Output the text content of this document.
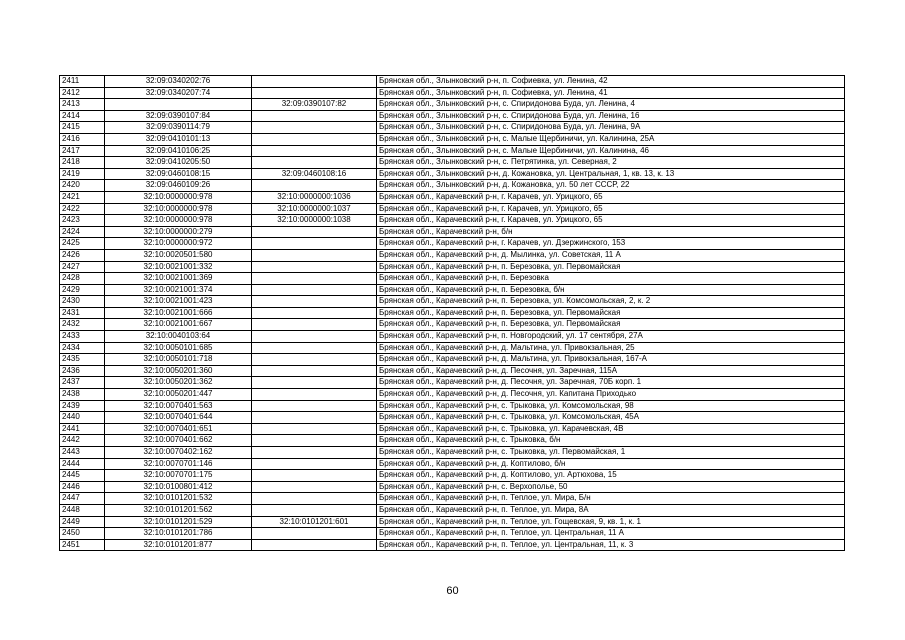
2411	32:09:0340202:76		Брянская обл., Злынковский р-н, п. Софиевка, ул. Ленина, 42
2412	32:09:0340207:74		Брянская обл., Злынковский р-н, п. Софиевка, ул. Ленина, 41
2413		32:09:0390107:82	Брянская обл., Злынковский р-н, с. Спиридонова Буда, ул. Ленина, 4
2414	32:09:0390107:84		Брянская обл., Злынковский р-н, с. Спиридонова Буда, ул. Ленина, 16
2415	32:09:0390114:79		Брянская обл., Злынковский р-н, с. Спиридонова Буда, ул. Ленина, 9А
2416	32:09:0410101:13		Брянская обл., Злынковский р-н, с. Малые Щербиничи, ул. Калинина, 25А
2417	32:09:0410106:25		Брянская обл., Злынковский р-н, с. Малые Щербиничи, ул. Калинина, 46
2418	32:09:0410205:50		Брянская обл., Злынковский р-н, с. Петрятинка, ул. Северная, 2
2419	32:09:0460108:15	32:09:0460108:16	Брянская обл., Злынковский р-н, д. Кожановка, ул. Центральная, 1, кв. 13, к. 13
2420	32:09:0460109:26		Брянская обл., Злынковский р-н, д. Кожановка, ул. 50 лет СССР, 22
2421	32:10:0000000:978	32:10:0000000:1036	Брянская обл., Карачевский р-н, г. Карачев, ул. Урицкого, 65
2422	32:10:0000000:978	32:10:0000000:1037	Брянская обл., Карачевский р-н, г. Карачев, ул. Урицкого, 65
2423	32:10:0000000:978	32:10:0000000:1038	Брянская обл., Карачевский р-н, г. Карачев, ул. Урицкого, 65
2424	32:10:0000000:279		Брянская обл., Карачевский р-н, б/н
2425	32:10:0000000:972		Брянская обл., Карачевский р-н, г. Карачев, ул. Дзержинского, 153
2426	32:10:0020501:580		Брянская обл., Карачевский р-н, д. Мылинка, ул. Советская, 11 А
2427	32:10:0021001:332		Брянская обл., Карачевский р-н, п. Березовка, ул. Первомайская
2428	32:10:0021001:369		Брянская обл., Карачевский р-н, п. Березовка
2429	32:10:0021001:374		Брянская обл., Карачевский р-н, п. Березовка, б/н
2430	32:10:0021001:423		Брянская обл., Карачевский р-н, п. Березовка, ул. Комсомольская, 2, к. 2
2431	32:10:0021001:666		Брянская обл., Карачевский р-н, п. Березовка, ул. Первомайская
2432	32:10:0021001:667		Брянская обл., Карачевский р-н, п. Березовка, ул. Первомайская
2433	32:10:0040103:64		Брянская обл., Карачевский р-н, п. Новгородский, ул. 17 сентября, 27А
2434	32:10:0050101:685		Брянская обл., Карачевский р-н, д. Мальтина, ул. Привокзальная, 25
2435	32:10:0050101:718		Брянская обл., Карачевский р-н, д. Мальтина, ул. Привокзальная, 167-А
2436	32:10:0050201:360		Брянская обл., Карачевский р-н, д. Песочня, ул. Заречная, 115А
2437	32:10:0050201:362		Брянская обл., Карачевский р-н, д. Песочня, ул. Заречная, 70Б корп. 1
2438	32:10:0050201:447		Брянская обл., Карачевский р-н, д. Песочня, ул. Капитана Приходько
2439	32:10:0070401:563		Брянская обл., Карачевский р-н, с. Трыковка, ул. Комсомольская, 98
2440	32:10:0070401:644		Брянская обл., Карачевский р-н, с. Трыковка, ул. Комсомольская, 45А
2441	32:10:0070401:651		Брянская обл., Карачевский р-н, с. Трыковка, ул. Карачевская, 4В
2442	32:10:0070401:662		Брянская обл., Карачевский р-н, с. Трыковка, б/н
2443	32:10:0070402:162		Брянская обл., Карачевский р-н, с. Трыковка, ул. Первомайская, 1
2444	32:10:0070701:146		Брянская обл., Карачевский р-н, д. Коптилово, б/н
2445	32:10:0070701:175		Брянская обл., Карачевский р-н, д. Коптилово, ул. Артюхова, 15
2446	32:10:0100801:412		Брянская обл., Карачевский р-н, с. Верхополье, 50
2447	32:10:0101201:532		Брянская обл., Карачевский р-н, п. Теплое, ул. Мира, Б/н
2448	32:10:0101201:562		Брянская обл., Карачевский р-н, п. Теплое, ул. Мира, 8А
2449	32:10:0101201:529	32:10:0101201:601	Брянская обл., Карачевский р-н, п. Теплое, ул. Гощевская, 9, кв. 1, к. 1
2450	32:10:0101201:786		Брянская обл., Карачевский р-н, п. Теплое, ул. Центральная, 11 А
2451	32:10:0101201:877		Брянская обл., Карачевский р-н, п. Теплое, ул. Центральная, 11, к. 3
60
